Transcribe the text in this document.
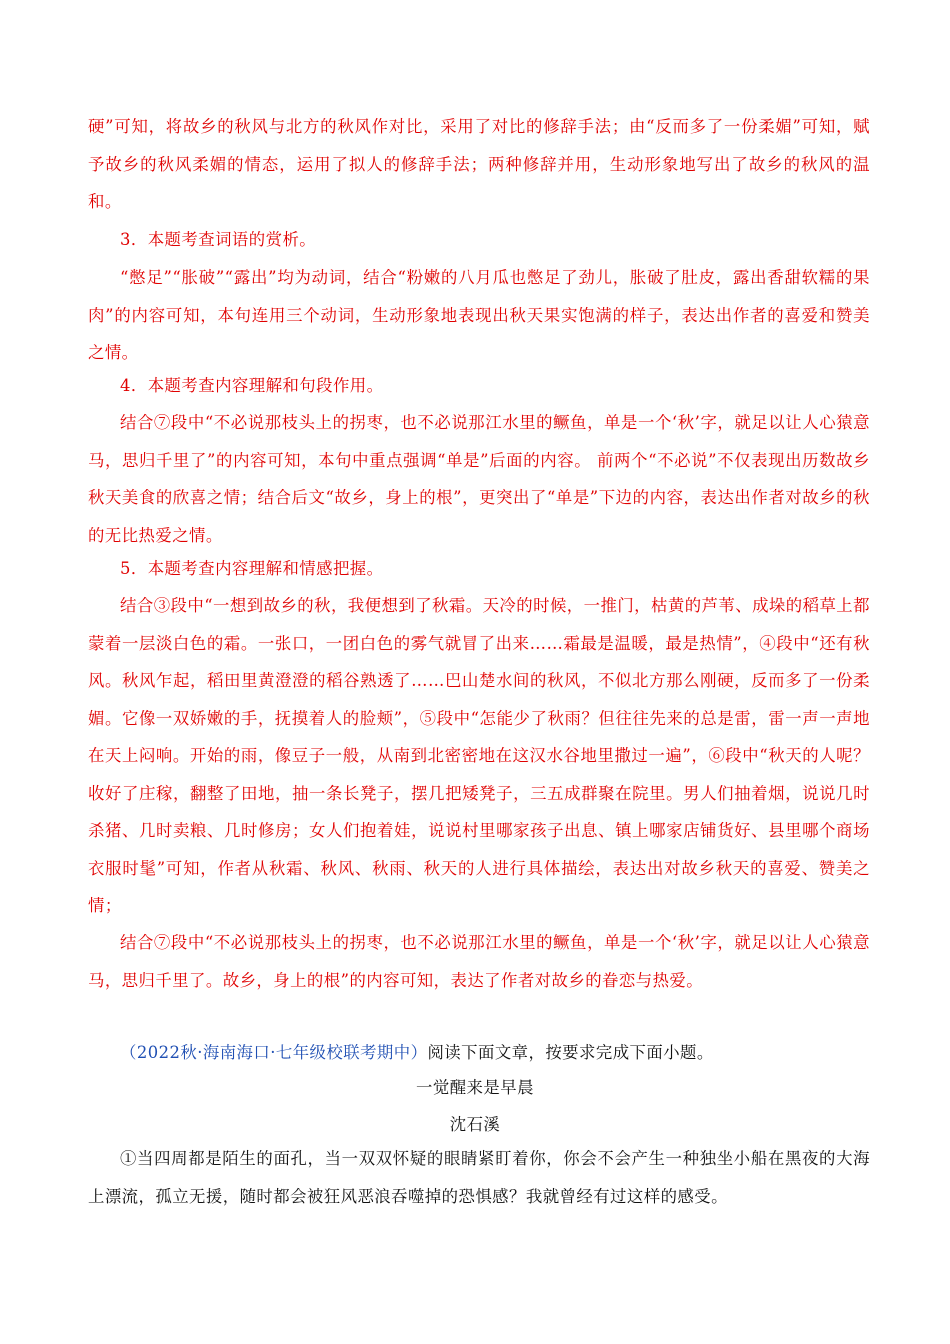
硬”可知，将故乡的秋风与北方的秋风作对比，采用了对比的修辞手法；由“反而多了一份柔媚”可知，赋予故乡的秋风柔媚的情态，运用了拟人的修辞手法；两种修辞并用，生动形象地写出了故乡的秋风的温和。

3．本题考查词语的赏析。

“憋足”“胀破”“露出”均为动词，结合“粉嫩的八月瓜也憋足了劲儿，胀破了肚皮，露出香甜软糯的果肉”的内容可知，本句连用三个动词，生动形象地表现出秋天果实饱满的样子，表达出作者的喜爱和赞美之情。

4．本题考查内容理解和句段作用。

结合⑦段中“不必说那枝头上的拐枣，也不必说那江水里的鳜鱼，单是一个‘秋’字，就足以让人心猿意马，思归千里了”的内容可知，本句中重点强调“单是”后面的内容。 前两个“不必说”不仅表现出历数故乡秋天美食的欣喜之情；结合后文“故乡，身上的根”，更突出了“单是”下边的内容，表达出作者对故乡的秋的无比热爱之情。

5．本题考查内容理解和情感把握。

结合③段中“一想到故乡的秋，我便想到了秋霜。天冷的时候，一推门，枯黄的芦苇、成垛的稻草上都蒙着一层淡白色的霜。一张口，一团白色的雾气就冒了出来……霜最是温暖，最是热情”，④段中“还有秋风。秋风乍起，稻田里黄澄澄的稻谷熟透了……巴山楚水间的秋风，不似北方那么刚硬，反而多了一份柔媚。它像一双娇嫩的手，抚摸着人的脸颊”，⑤段中“怎能少了秋雨？但往往先来的总是雷，雷一声一声地在天上闷响。开始的雨，像豆子一般，从南到北密密地在这汉水谷地里撒过一遍”，⑥段中“秋天的人呢？收好了庄稼，翻整了田地，抽一条长凳子，摆几把矮凳子，三五成群聚在院里。男人们抽着烟，说说几时杀猪、几时卖粮、几时修房；女人们抱着娃，说说村里哪家孩子出息、镇上哪家店铺货好、县里哪个商场衣服时髦”可知，作者从秋霜、秋风、秋雨、秋天的人进行具体描绘，表达出对故乡秋天的喜爱、赞美之情；

结合⑦段中“不必说那枝头上的拐枣，也不必说那江水里的鳜鱼，单是一个‘秋’字，就足以让人心猿意马，思归千里了。故乡，身上的根”的内容可知，表达了作者对故乡的眷恋与热爱。

（2022秋·海南海口·七年级校联考期中）阅读下面文章，按要求完成下面小题。

一觉醒来是早晨

沈石溪

①当四周都是陌生的面孔，当一双双怀疑的眼睛紧盯着你，你会不会产生一种独坐小船在黑夜的大海上漂流，孤立无援，随时都会被狂风恶浪吞噬掉的恐惧感？我就曾经有过这样的感受。
